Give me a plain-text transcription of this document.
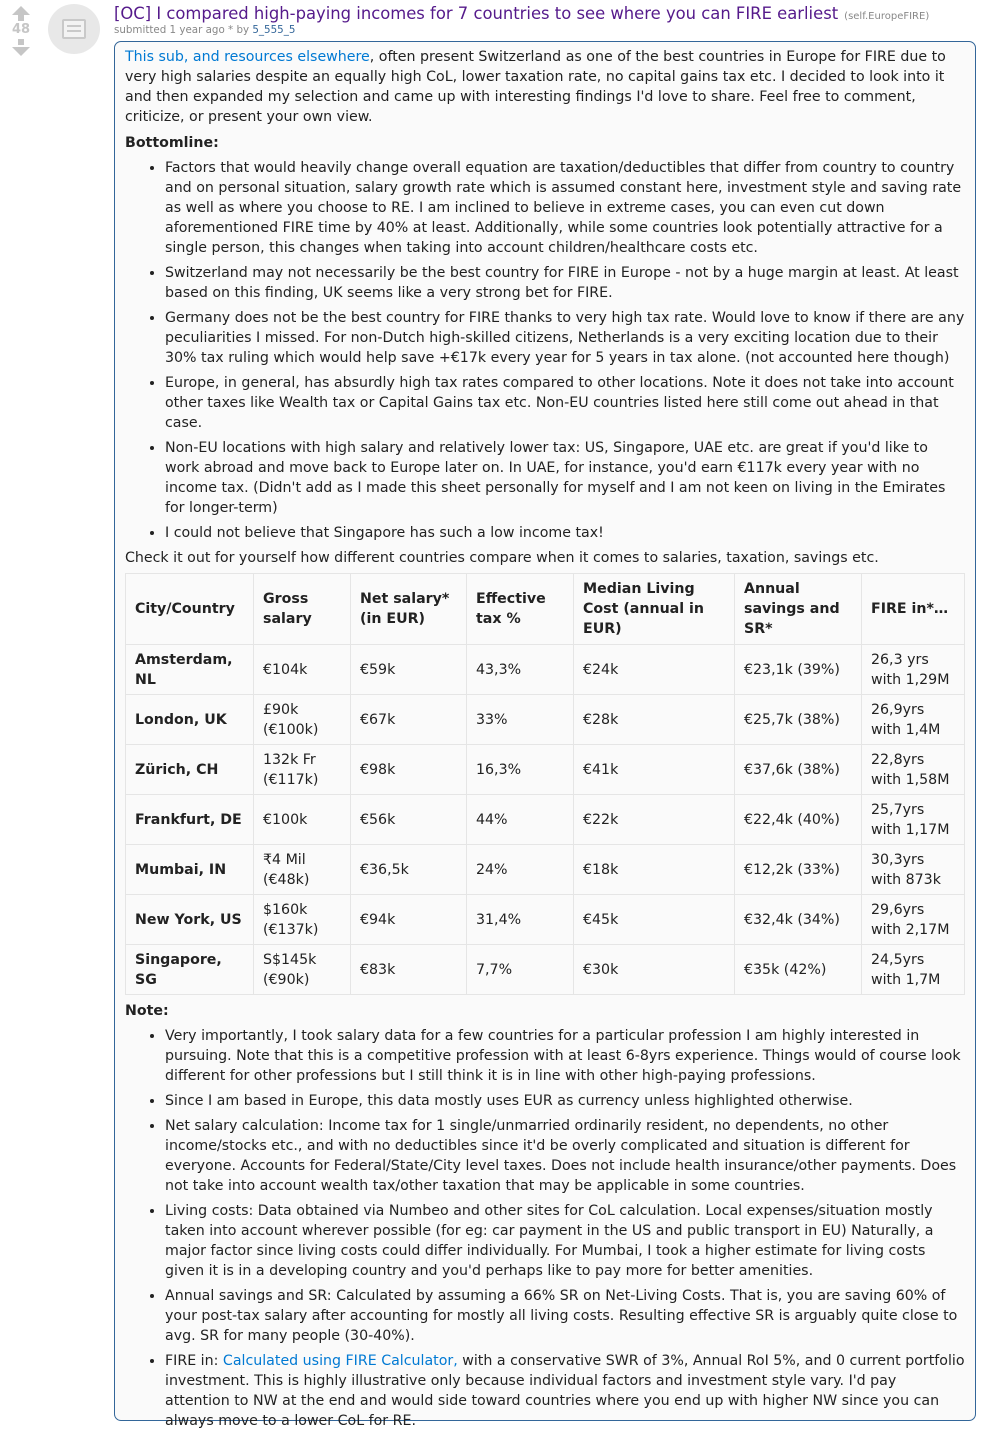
48
[OC] I compared high-paying incomes for 7 countries to see where you can FIRE earliest (self.EuropeFIRE)
submitted 1 year ago * by 5_555_5

This sub, and resources elsewhere, often present Switzerland as one of the best countries in Europe for FIRE due to very high salaries despite an equally high CoL, lower taxation rate, no capital gains tax etc. I decided to look into it and then expanded my selection and came up with interesting findings I'd love to share. Feel free to comment, criticize, or present your own view.

Bottomline:

• Factors that would heavily change overall equation are taxation/deductibles that differ from country to country and on personal situation, salary growth rate which is assumed constant here, investment style and saving rate as well as where you choose to RE. I am inclined to believe in extreme cases, you can even cut down aforementioned FIRE time by 40% at least. Additionally, while some countries look potentially attractive for a single person, this changes when taking into account children/healthcare costs etc.
• Switzerland may not necessarily be the best country for FIRE in Europe - not by a huge margin at least. At least based on this finding, UK seems like a very strong bet for FIRE.
• Germany does not be the best country for FIRE thanks to very high tax rate. Would love to know if there are any peculiarities I missed. For non-Dutch high-skilled citizens, Netherlands is a very exciting location due to their 30% tax ruling which would help save +€17k every year for 5 years in tax alone. (not accounted here though)
• Europe, in general, has absurdly high tax rates compared to other locations. Note it does not take into account other taxes like Wealth tax or Capital Gains tax etc. Non-EU countries listed here still come out ahead in that case.
• Non-EU locations with high salary and relatively lower tax: US, Singapore, UAE etc. are great if you'd like to work abroad and move back to Europe later on. In UAE, for instance, you'd earn €117k every year with no income tax. (Didn't add as I made this sheet personally for myself and I am not keen on living in the Emirates for longer-term)
• I could not believe that Singapore has such a low income tax!

Check it out for yourself how different countries compare when it comes to salaries, taxation, savings etc.

City/Country	Gross salary	Net salary* (in EUR)	Effective tax %	Median Living Cost (annual in EUR)	Annual savings and SR*	FIRE in*…
Amsterdam, NL	€104k	€59k	43,3%	€24k	€23,1k (39%)	26,3 yrs with 1,29M
London, UK	£90k (€100k)	€67k	33%	€28k	€25,7k (38%)	26,9yrs with 1,4M
Zürich, CH	132k Fr (€117k)	€98k	16,3%	€41k	€37,6k (38%)	22,8yrs with 1,58M
Frankfurt, DE	€100k	€56k	44%	€22k	€22,4k (40%)	25,7yrs with 1,17M
Mumbai, IN	₹4 Mil (€48k)	€36,5k	24%	€18k	€12,2k (33%)	30,3yrs with 873k
New York, US	$160k (€137k)	€94k	31,4%	€45k	€32,4k (34%)	29,6yrs with 2,17M
Singapore, SG	S$145k (€90k)	€83k	7,7%	€30k	€35k (42%)	24,5yrs with 1,7M

Note:

• Very importantly, I took salary data for a few countries for a particular profession I am highly interested in pursuing. Note that this is a competitive profession with at least 6-8yrs experience. Things would of course look different for other professions but I still think it is in line with other high-paying professions.
• Since I am based in Europe, this data mostly uses EUR as currency unless highlighted otherwise.
• Net salary calculation: Income tax for 1 single/unmarried ordinarily resident, no dependents, no other income/stocks etc., and with no deductibles since it'd be overly complicated and situation is different for everyone. Accounts for Federal/State/City level taxes. Does not include health insurance/other payments. Does not take into account wealth tax/other taxation that may be applicable in some countries.
• Living costs: Data obtained via Numbeo and other sites for CoL calculation. Local expenses/situation mostly taken into account wherever possible (for eg: car payment in the US and public transport in EU) Naturally, a major factor since living costs could differ individually. For Mumbai, I took a higher estimate for living costs given it is in a developing country and you'd perhaps like to pay more for better amenities.
• Annual savings and SR: Calculated by assuming a 66% SR on Net-Living Costs. That is, you are saving 60% of your post-tax salary after accounting for mostly all living costs. Resulting effective SR is arguably quite close to avg. SR for many people (30-40%).
• FIRE in: Calculated using FIRE Calculator, with a conservative SWR of 3%, Annual RoI 5%, and 0 current portfolio investment. This is highly illustrative only because individual factors and investment style vary. I'd pay attention to NW at the end and would side toward countries where you end up with higher NW since you can always move to a lower CoL for RE.
